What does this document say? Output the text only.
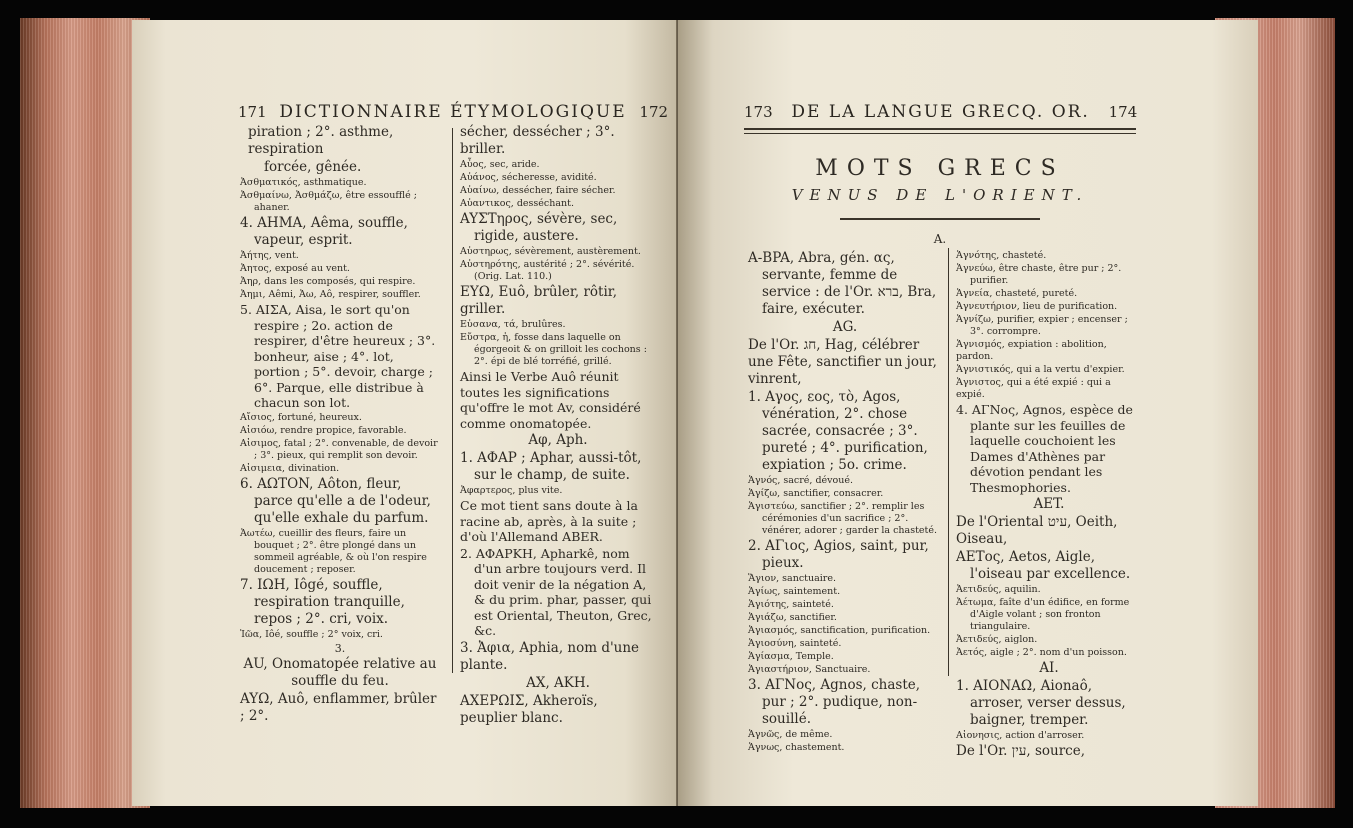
171 DICTIONNAIRE ÉTYMOLOGIQUE 172

piration ; 2°. asthme, respiration

forcée, gênée.

Ἀσθματικός, asthmatique.

Ἀσθμαίνω, Ἀσθμάζω, être essoufflé ; ahaner.

4. AHMA, Aêma, souffle, vapeur, esprit.

Ἀήτης, vent.

Ἀητος, exposé au vent.

Ἀηρ, dans les composés, qui respire.

Ἀημι, Aêmi, Ἀω, Aô, respirer, souffler.

5. AIΣA, Aisa, le sort qu'on respire ; 2o. action de respirer, d'être heureux ; 3°. bonheur, aise ; 4°. lot, portion ; 5°. devoir, charge ; 6°. Parque, elle distribue à chacun son lot.

Αἴσιος, fortuné, heureux.

Αἰσιόω, rendre propice, favorable.

Αἰσιμος, fatal ; 2°. convenable, de devoir ; 3°. pieux, qui remplit son devoir.

Αἰσιμεια, divination.

6. AΩTON, Aôton, fleur, parce qu'elle a de l'odeur, qu'elle exhale du parfum.

Ἀωτέω, cueillir des fleurs, faire un bouquet ; 2°. être plongé dans un sommeil agréable, & où l'on respire doucement ; reposer.

7. IΩH, Iôgé, souffle, respiration tranquille, repos ; 2°. cri, voix.

Ἰῶα, Iôé, souffle ; 2° voix, cri.

3.

AU, Onomatopée relative au souffle du feu.

AYΩ, Auô, enflammer, brûler ; 2°.

sécher, dessécher ; 3°. briller.

Αὖος, sec, aride.

Αὐάνος, sécheresse, avidité.

Αὐαίνω, dessécher, faire sécher.

Αὐαντικος, desséchant.

AYΣTηρος, sévère, sec, rigide, austere.

Αὐστηρως, sévèrement, austèrement.

Αὐστηρότης, austérité ; 2°. sévérité. (Orig. Lat. 110.)

EYΩ, Euô, brûler, rôtir, griller.

Εὐσανα, τά, brulûres.

Εὔστρα, ἡ, fosse dans laquelle on égorgeoit & on grilloit les cochons : 2°. épi de blé torréfié, grillé.

Ainsi le Verbe Auô réunit toutes les significations qu'offre le mot Av, considéré comme onomatopée.

Aφ, Aph.

1. AΦAP ; Aphar, aussi-tôt, sur le champ, de suite.

Ἀφαρτερος, plus vite.

Ce mot tient sans doute à la racine ab, après, à la suite ; d'où l'Allemand ABER.

2. AΦAPKH, Apharkê, nom d'un arbre toujours verd. Il doit venir de la négation A, & du prim. phar, passer, qui est Oriental, Theuton, Grec, &c.

3. Ἀφια, Aphia, nom d'une plante.

AX, AKH.

AXEPΩIΣ, Akheroïs, peuplier blanc.

173 DE LA LANGUE GRECQ. OR. 174
MOTS GRECS
VENUS DE L'ORIENT.
A.

A-BPA, Abra, gén. ας, servante, femme de service : de l'Or. ברא, Bra, faire, exécuter.

AG.

De l'Or. חג, Hag, célébrer une Fête, sanctifier un jour, vinrent,

1. Aγος, εος, τὸ, Agos, vénération, 2°. chose sacrée, consacrée ; 3°. pureté ; 4°. purification, expiation ; 5o. crime.

Ἁγνός, sacré, dévoué.

Ἁγίζω, sanctifier, consacrer.

Ἁγιστεύω, sanctifier ; 2°. remplir les cérémonies d'un sacrifice ; 2°. vénérer, adorer ; garder la chasteté.

2. AΓιος, Agios, saint, pur, pieux.

Ἅγιον, sanctuaire.

Ἁγίως, saintement.

Ἁγιότης, sainteté.

Ἁγιάζω, sanctifier.

Ἁγιασμός, sanctification, purification.

Ἁγιοσύνη, sainteté.

Ἁγίασμα, Temple.

Ἁγιαστήριον, Sanctuaire.

3. AΓNoς, Agnos, chaste, pur ; 2°. pudique, non-souillé.

Ἁγνῶς, de même.

Ἁγνως, chastement.

Ἁγνότης, chasteté.

Ἁγνεύω, être chaste, être pur ; 2°. purifier.

Ἁγνεία, chasteté, pureté.

Ἁγνευτήριον, lieu de purification.

Ἁγνίζω, purifier, expier ; encenser ; 3°. corrompre.

Ἁγνισμός, expiation : abolition, pardon.

Ἁγνιστικός, qui a la vertu d'expier.

Ἁγνιστος, qui a été expié : qui a expié.

4. AΓNoς, Agnos, espèce de plante sur les feuilles de laquelle couchoient les Dames d'Athènes par dévotion pendant les Thesmophories.

AET.

De l'Oriental עיט, Oeith, Oiseau,

AETος, Aetos, Aigle, l'oiseau par excellence.

Ἀετιδεύς, aquilin.

Ἀέτωμα, faîte d'un édifice, en forme d'Aigle volant ; son fronton triangulaire.

Ἀετιδεύς, aiglon.

Ἀετός, aigle ; 2°. nom d'un poisson.

AI.

1. AIONAΩ, Aionaô, arroser, verser dessus, baigner, tremper.

Αἰονησις, action d'arroser.

De l'Or. עין, source,
